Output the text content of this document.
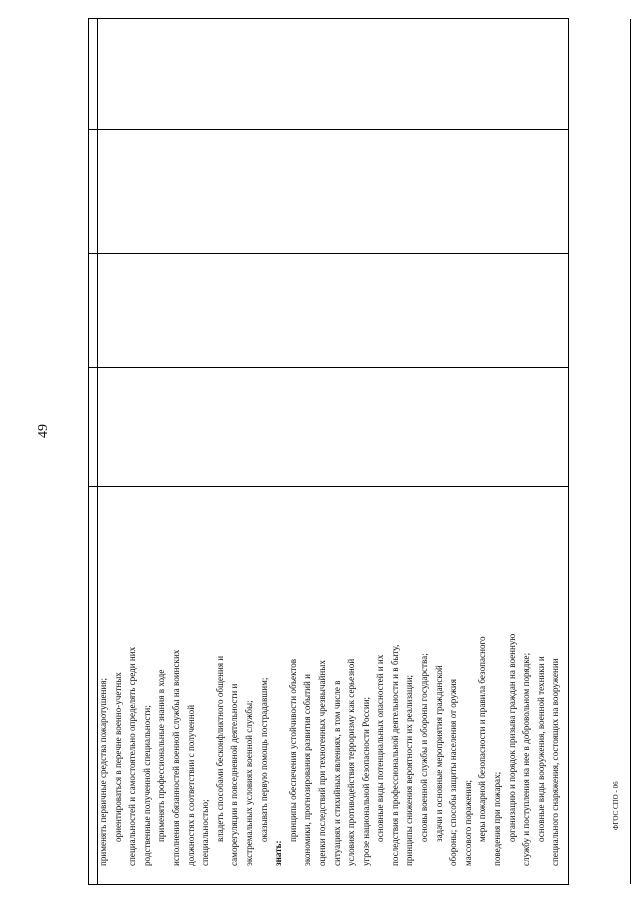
49

применять первичные средства пожаротушения; ориентироваться в перечне военно-учетных специальностей и самостоятельно определять среди них родственные полученной специальности; применять профессиональные знания в ходе исполнения обязанностей военной службы на воинских должностях в соответствии с полученной специальностью; владеть способами бесконфликтного общения и саморегуляции в повседневной деятельности и экстремальных условиях военной службы; оказывать первую помощь пострадавшим;

знать:

принципы обеспечения устойчивости объектов экономики, прогнозирования развития событий и оценки последствий при техногенных чрезвычайных ситуациях и стихийных явлениях, в том числе в условиях противодействия терроризму как серьезной угрозе национальной безопасности России; основные виды потенциальных опасностей и их последствия в профессиональной деятельности и в быту, принципы снижения вероятности их реализации; основы военной службы и обороны государства; задачи и основные мероприятия гражданской обороны; способы защиты населения от оружия массового поражения; меры пожарной безопасности и правила безопасного поведения при пожарах; организацию и порядок призыва граждан на военную службу и поступления на нее в добровольном порядке; основные виды вооружения, военной техники и специального снаряжения, состоящих на вооружении	ФГОС СПО - 06
